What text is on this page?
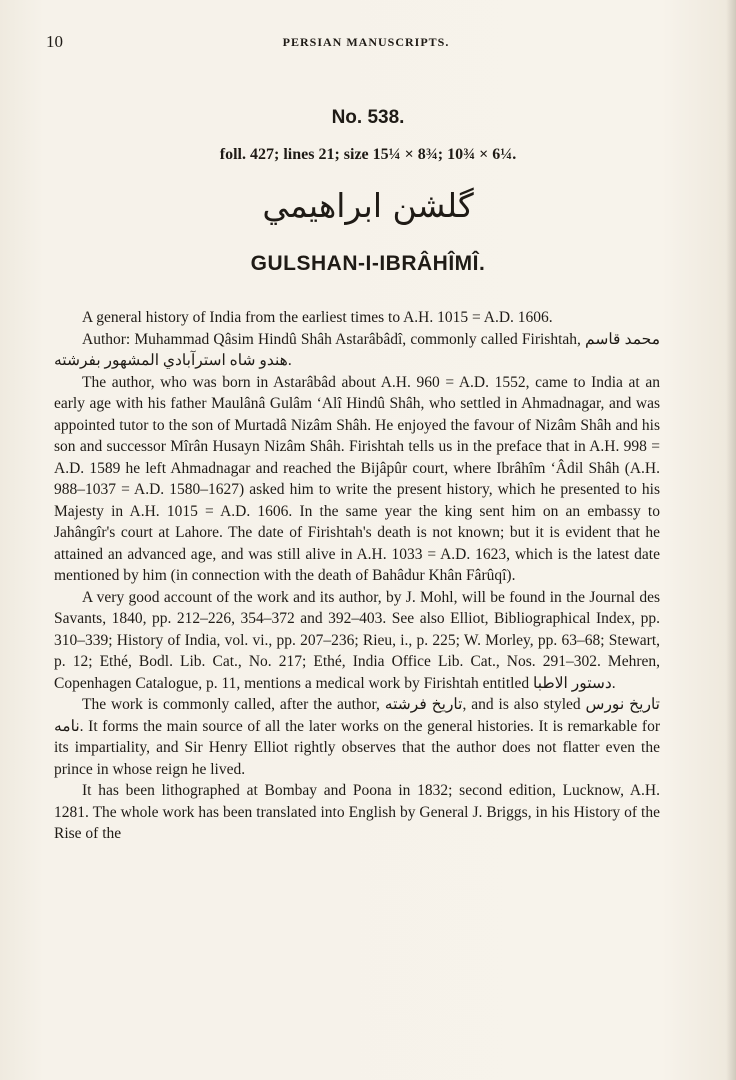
10	PERSIAN MANUSCRIPTS.
No. 538.
foll. 427; lines 21; size 15¼ × 8¾; 10¾ × 6¼.
گلشن ابراهيمي
GULSHAN-I-IBRÂHÎMÎ.

A general history of India from the earliest times to A.H. 1015 = A.D. 1606.

Author: Muhammad Qâsim Hindû Shâh Astarâbâdî, commonly called Firishtah, محمد قاسم هندو شاه استرآبادي المشهور بفرشته.

The author, who was born in Astarâbâd about A.H. 960 = A.D. 1552, came to India at an early age with his father Maulânâ Gulâm ‘Alî Hindû Shâh, who settled in Ahmadnagar, and was appointed tutor to the son of Murtadâ Nizâm Shâh. He enjoyed the favour of Nizâm Shâh and his son and successor Mîrân Husayn Nizâm Shâh. Firishtah tells us in the preface that in A.H. 998 = A.D. 1589 he left Ahmadnagar and reached the Bijâpûr court, where Ibrâhîm ‘Âdil Shâh (A.H. 988–1037 = A.D. 1580–1627) asked him to write the present history, which he presented to his Majesty in A.H. 1015 = A.D. 1606. In the same year the king sent him on an embassy to Jahângîr's court at Lahore. The date of Firishtah's death is not known; but it is evident that he attained an advanced age, and was still alive in A.H. 1033 = A.D. 1623, which is the latest date mentioned by him (in connection with the death of Bahâdur Khân Fârûqî).

A very good account of the work and its author, by J. Mohl, will be found in the Journal des Savants, 1840, pp. 212–226, 354–372 and 392–403. See also Elliot, Bibliographical Index, pp. 310–339; History of India, vol. vi., pp. 207–236; Rieu, i., p. 225; W. Morley, pp. 63–68; Stewart, p. 12; Ethé, Bodl. Lib. Cat., No. 217; Ethé, India Office Lib. Cat., Nos. 291–302. Mehren, Copenhagen Catalogue, p. 11, mentions a medical work by Firishtah entitled دستور الاطبا.

The work is commonly called, after the author, تاريخ فرشته, and is also styled تاريخ نورس نامه. It forms the main source of all the later works on the general histories. It is remarkable for its impartiality, and Sir Henry Elliot rightly observes that the author does not flatter even the prince in whose reign he lived.

It has been lithographed at Bombay and Poona in 1832; second edition, Lucknow, A.H. 1281. The whole work has been translated into English by General J. Briggs, in his History of the Rise of the
